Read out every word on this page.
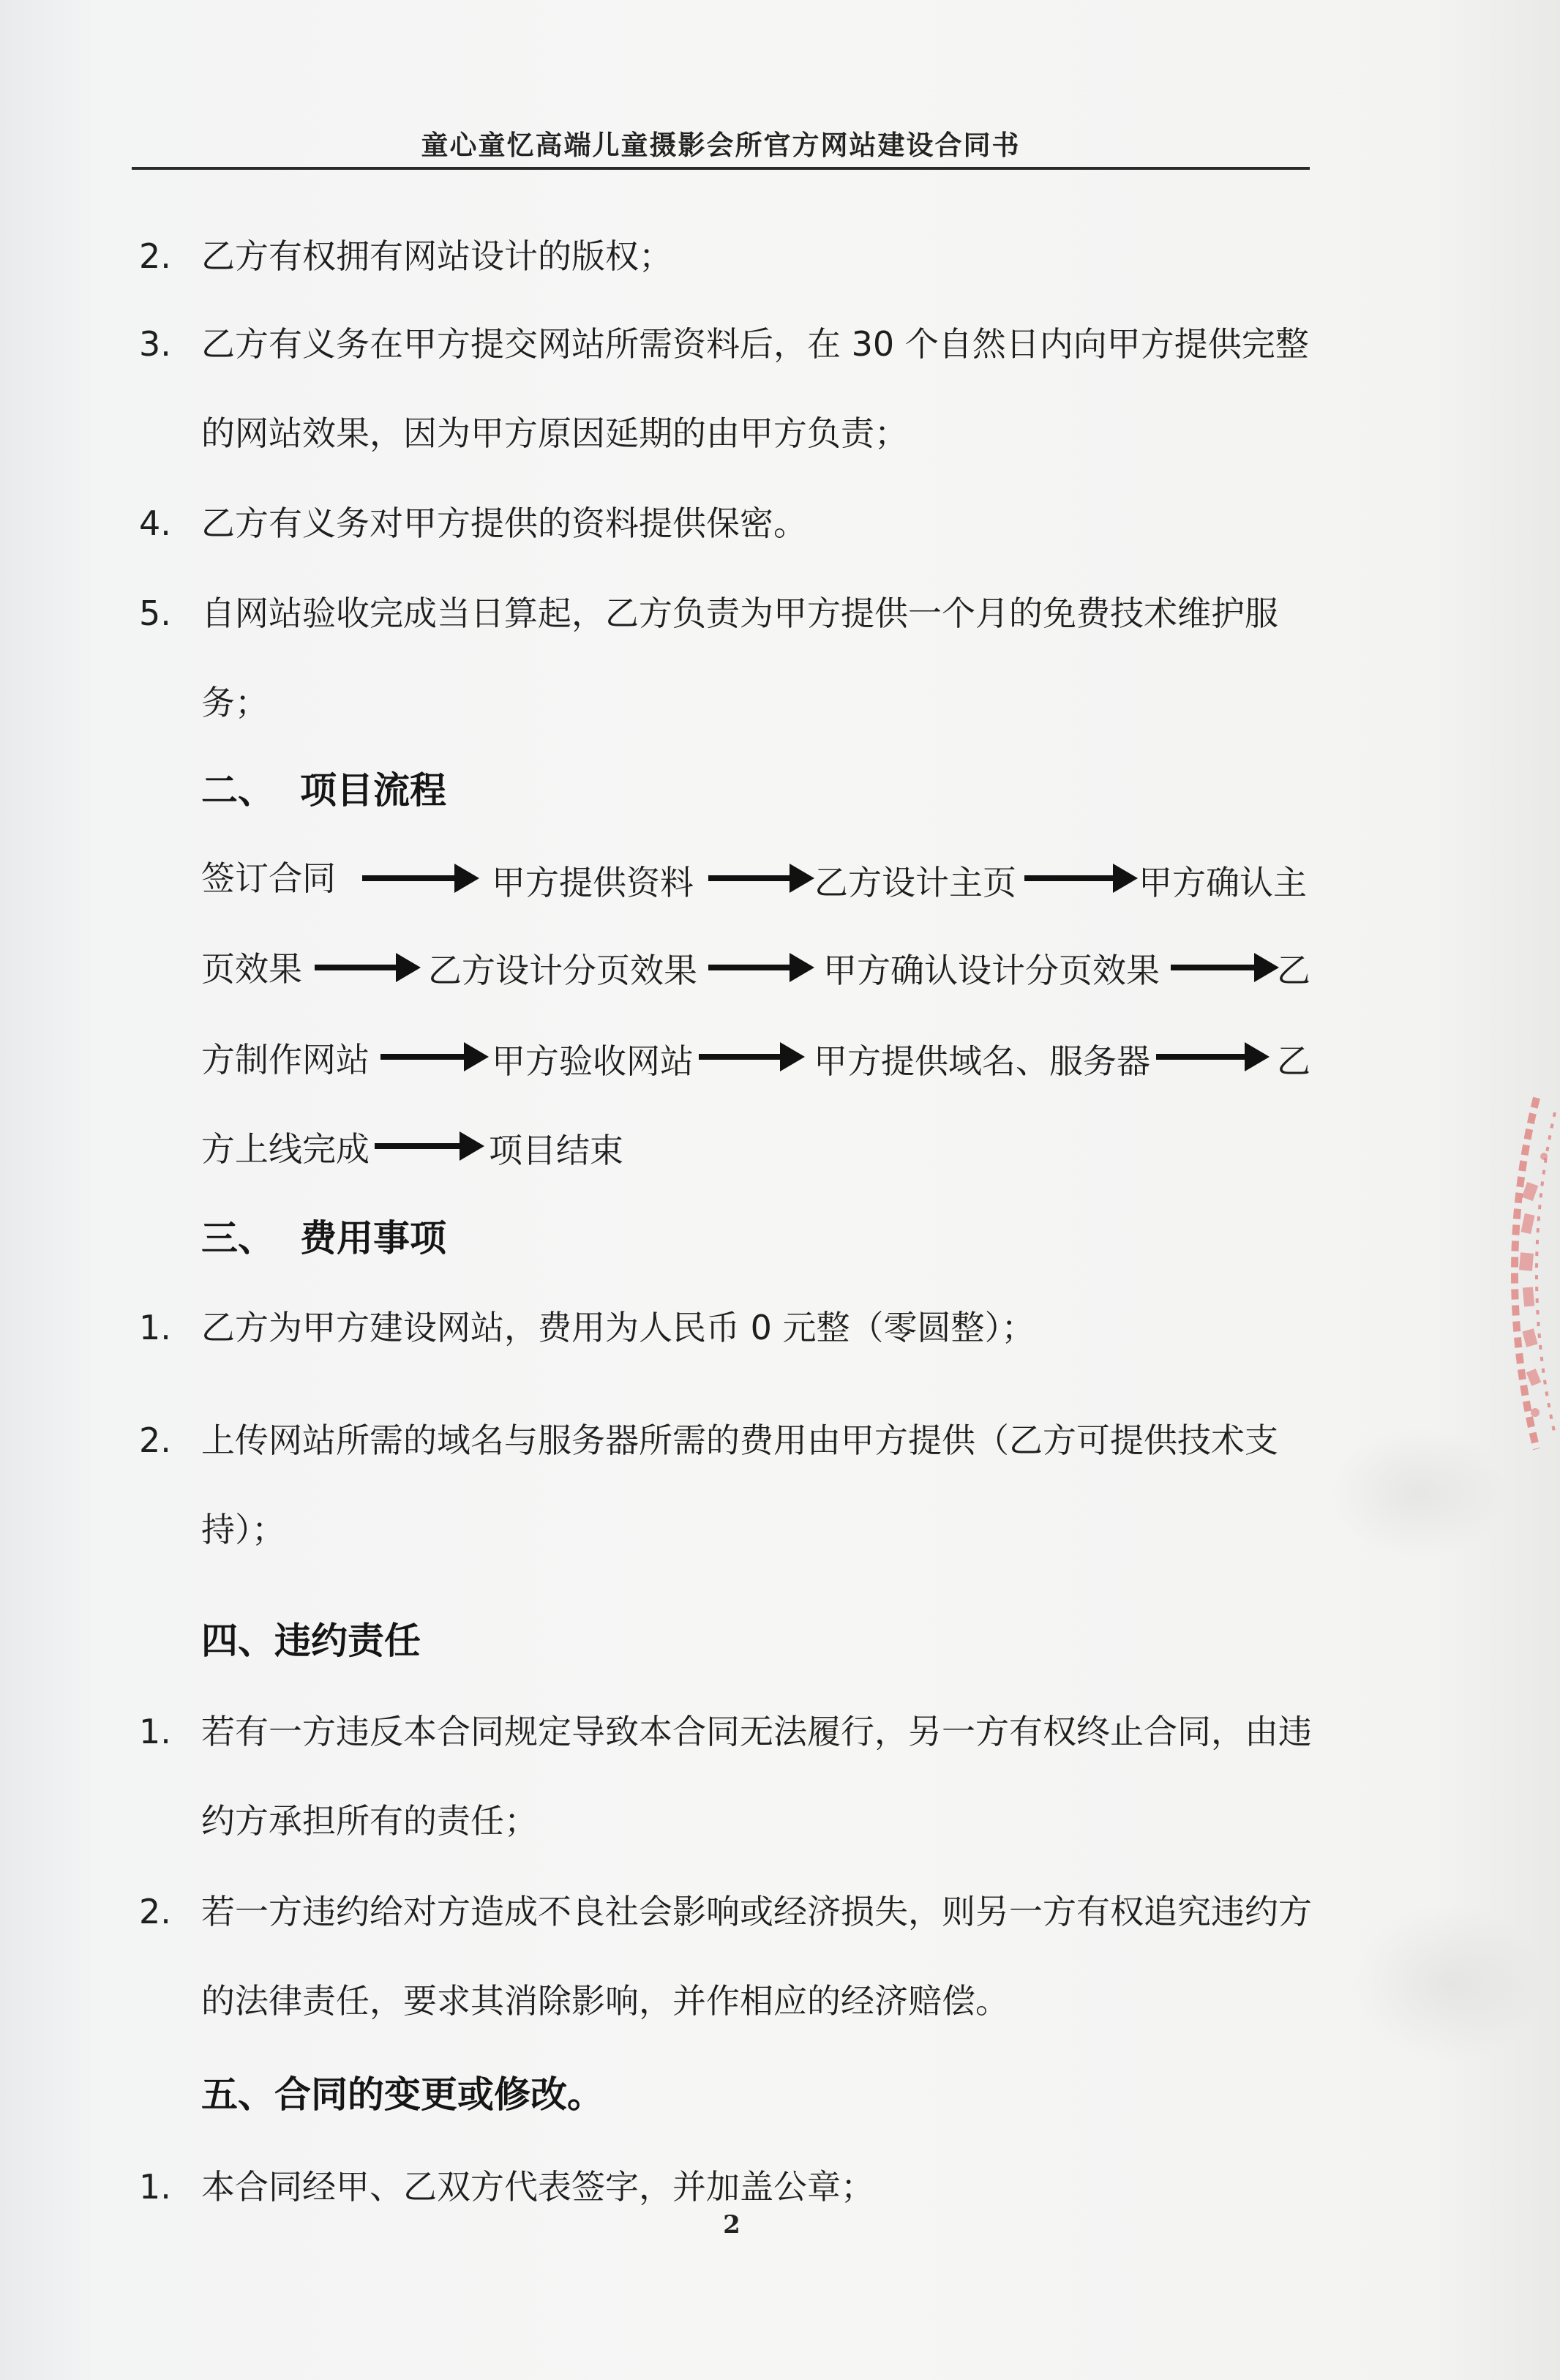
童心童忆高端儿童摄影会所官方网站建设合同书
2. 乙方有权拥有网站设计的版权；
3. 乙方有义务在甲方提交网站所需资料后，在 30 个自然日内向甲方提供完整
的网站效果，因为甲方原因延期的由甲方负责；
4. 乙方有义务对甲方提供的资料提供保密。
5. 自网站验收完成当日算起，乙方负责为甲方提供一个月的免费技术维护服
务；
二、 项目流程
签订合同	甲方提供资料	乙方设计主页	甲方确认主
页效果	乙方设计分页效果	甲方确认设计分页效果	乙
方制作网站	甲方验收网站	甲方提供域名、服务器	乙
方上线完成	项目结束
三、 费用事项
1. 乙方为甲方建设网站，费用为人民币 0 元整（零圆整）；
2. 上传网站所需的域名与服务器所需的费用由甲方提供（乙方可提供技术支
持）；
四、违约责任
1. 若有一方违反本合同规定导致本合同无法履行，另一方有权终止合同，由违
约方承担所有的责任；
2. 若一方违约给对方造成不良社会影响或经济损失，则另一方有权追究违约方
的法律责任，要求其消除影响，并作相应的经济赔偿。
五、合同的变更或修改。
1. 本合同经甲、乙双方代表签字，并加盖公章；
2
